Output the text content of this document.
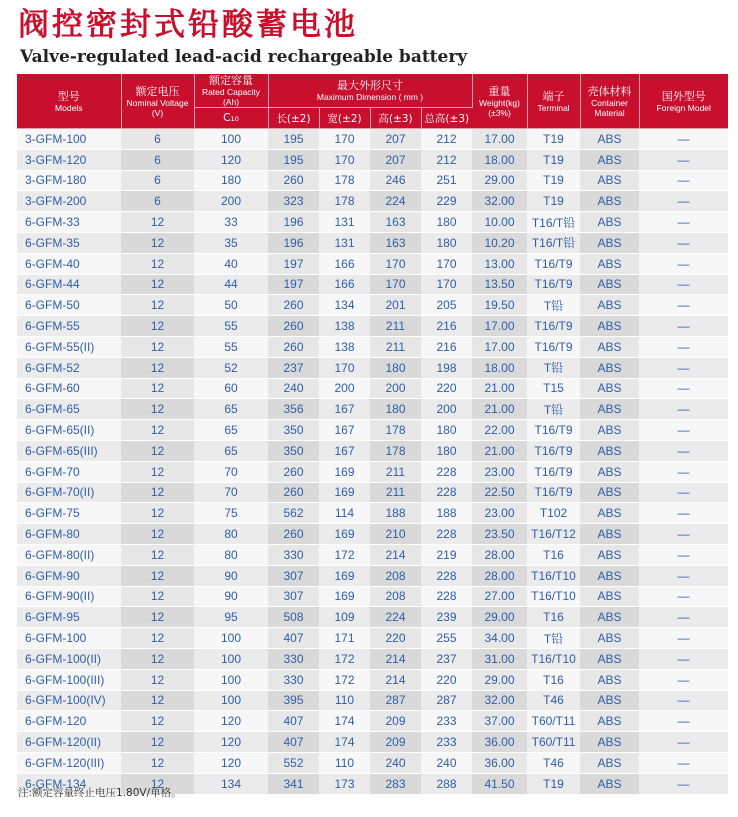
阀控密封式铅酸蓄电池
Valve-regulated lead-acid rechargeable battery
型号
Models	额定电压
Nominal Voltage
(V)	额定容量
Rated Capacity (Ah)	最大外形尺寸
Maximum Dimension ( mm )				重量
Weight(kg)
(±3%)	端子
Terminal	壳体材料
Container
Material	国外型号
Foreign Model

		C₁₀	长(±2)	宽(±2)	高(±3)	总高(±3)				
3-GFM-100	6	100	195	170	207	212	17.00	T19	ABS	—
3-GFM-120	6	120	195	170	207	212	18.00	T19	ABS	—
3-GFM-180	6	180	260	178	246	251	29.00	T19	ABS	—
3-GFM-200	6	200	323	178	224	229	32.00	T19	ABS	—
6-GFM-33	12	33	196	131	163	180	10.00	T16/T铅	ABS	—
6-GFM-35	12	35	196	131	163	180	10.20	T16/T铅	ABS	—
6-GFM-40	12	40	197	166	170	170	13.00	T16/T9	ABS	—
6-GFM-44	12	44	197	166	170	170	13.50	T16/T9	ABS	—
6-GFM-50	12	50	260	134	201	205	19.50	T铅	ABS	—
6-GFM-55	12	55	260	138	211	216	17.00	T16/T9	ABS	—
6-GFM-55(II)	12	55	260	138	211	216	17.00	T16/T9	ABS	—
6-GFM-52	12	52	237	170	180	198	18.00	T铅	ABS	—
6-GFM-60	12	60	240	200	200	220	21.00	T15	ABS	—
6-GFM-65	12	65	356	167	180	200	21.00	T铅	ABS	—
6-GFM-65(II)	12	65	350	167	178	180	22.00	T16/T9	ABS	—
6-GFM-65(III)	12	65	350	167	178	180	21.00	T16/T9	ABS	—
6-GFM-70	12	70	260	169	211	228	23.00	T16/T9	ABS	—
6-GFM-70(II)	12	70	260	169	211	228	22.50	T16/T9	ABS	—
6-GFM-75	12	75	562	114	188	188	23.00	T102	ABS	—
6-GFM-80	12	80	260	169	210	228	23.50	T16/T12	ABS	—
6-GFM-80(II)	12	80	330	172	214	219	28.00	T16	ABS	—
6-GFM-90	12	90	307	169	208	228	28.00	T16/T10	ABS	—
6-GFM-90(II)	12	90	307	169	208	228	27.00	T16/T10	ABS	—
6-GFM-95	12	95	508	109	224	239	29.00	T16	ABS	—
6-GFM-100	12	100	407	171	220	255	34.00	T铅	ABS	—
6-GFM-100(II)	12	100	330	172	214	237	31.00	T16/T10	ABS	—
6-GFM-100(III)	12	100	330	172	214	220	29.00	T16	ABS	—
6-GFM-100(IV)	12	100	395	110	287	287	32.00	T46	ABS	—
6-GFM-120	12	120	407	174	209	233	37.00	T60/T11	ABS	—
6-GFM-120(II)	12	120	407	174	209	233	36.00	T60/T11	ABS	—
6-GFM-120(III)	12	120	552	110	240	240	36.00	T46	ABS	—
6-GFM-134	12	134	341	173	283	288	41.50	T19	ABS	—

注:额定容量终止电压1.80V/单格。
